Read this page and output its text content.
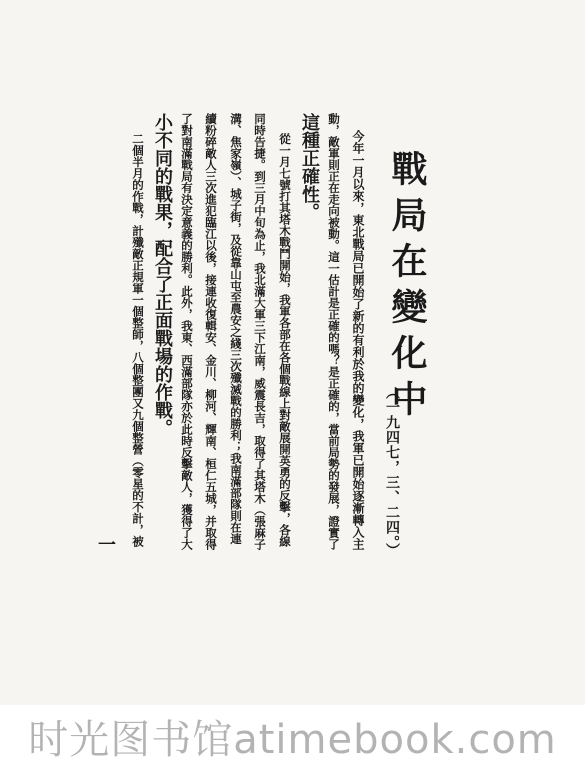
戰局在變化中
（一九四七，三、二四。）
今年一月以來，東北戰局已開始了新的有利於我的變化，我軍已開始逐漸轉入主
動，敵軍則正在走向被動。這一估計是正確的嗎？是正確的，當前局勢的發展，證實了
這種正確性。
從一月七號打其塔木戰鬥開始，我軍各部在各個戰線上對敵展開英勇的反擊，各線
同時告捷。到三月中旬為止，我北滿大軍三下江南，威震長吉，取得了其塔木（張麻子
溝、焦家嶺）、城子街，及從靠山屯至農安之綫三次殲滅戰的勝利；我南滿部隊則在連
續粉碎敵人三次進犯臨江以後，接連收復輯安、金川、柳河、輝南、桓仁五城，并取得
了對南滿戰局有決定意義的勝利。此外，我東、西滿部隊亦於此時反擊敵人，獲得了大
小不同的戰果，配合了正面戰場的作戰。
二個半月的作戰，計殲敵正規軍一個整師，八個整團又九個整營（零星的不計，被
一
时光图书馆atimebook.com
